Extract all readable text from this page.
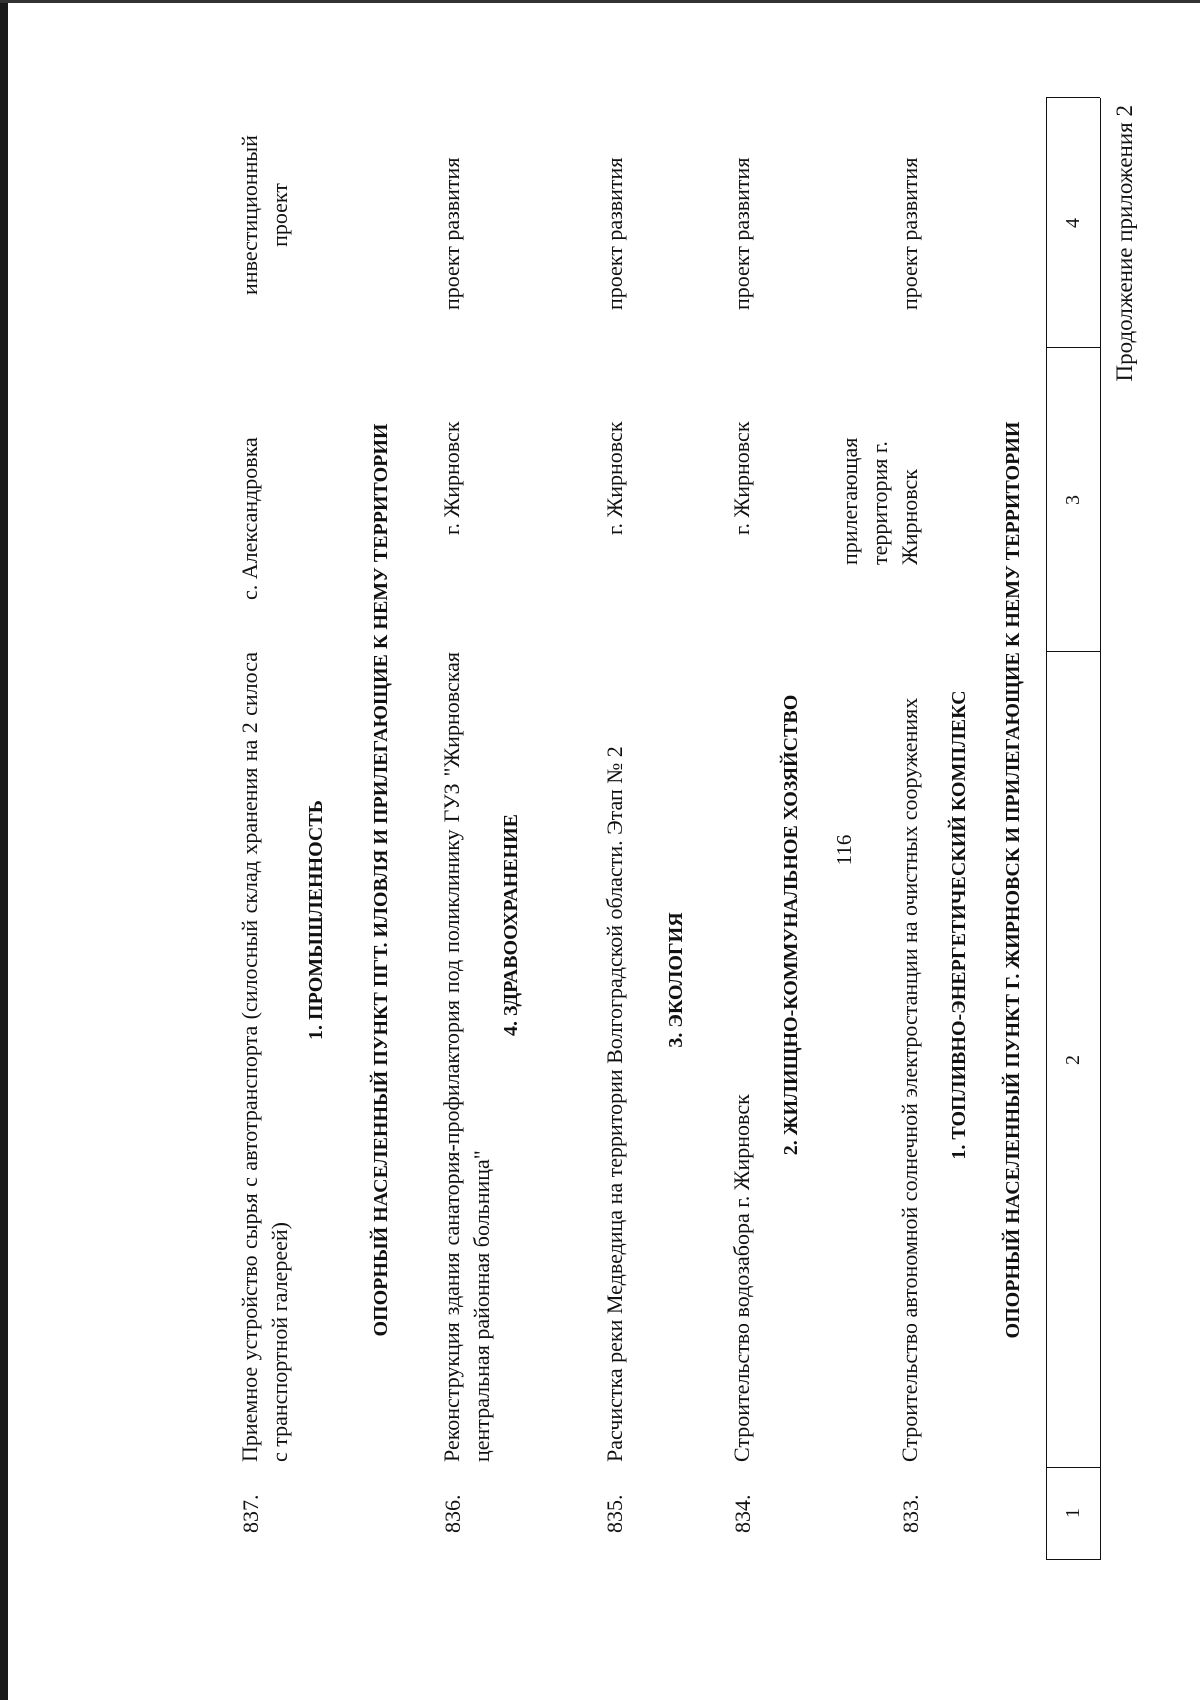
116
Продолжение приложения 2
1
2
3
4
ОПОРНЫЙ НАСЕЛЕННЫЙ ПУНКТ Г. ЖИРНОВСК И ПРИЛЕГАЮЩИЕ К НЕМУ ТЕРРИТОРИИ
1. ТОПЛИВНО-ЭНЕРГЕТИЧЕСКИЙ КОМПЛЕКС
833.
Строительство автономной солнечной электростанции на очистных сооружениях
прилегающая территория г. Жирновск
проект развития
2. ЖИЛИЩНО-КОММУНАЛЬНОЕ ХОЗЯЙСТВО
834.
Строительство водозабора г. Жирновск
г. Жирновск
проект развития
3. ЭКОЛОГИЯ
835.
Расчистка реки Медведица на территории Волгоградской области. Этап № 2
г. Жирновск
проект развития
4. ЗДРАВООХРАНЕНИЕ
836.
Реконструкция здания санатория-профилактория под поликлинику ГУЗ "Жирновская центральная районная больница"
г. Жирновск
проект развития
ОПОРНЫЙ НАСЕЛЕННЫЙ ПУНКТ ПГТ. ИЛОВЛЯ И ПРИЛЕГАЮЩИЕ К НЕМУ ТЕРРИТОРИИ
1. ПРОМЫШЛЕННОСТЬ
837.
Приемное устройство сырья с автотранспорта (силосный склад хранения на 2 силоса с транспортной галереей)
с. Александровка
инвестиционный проект
